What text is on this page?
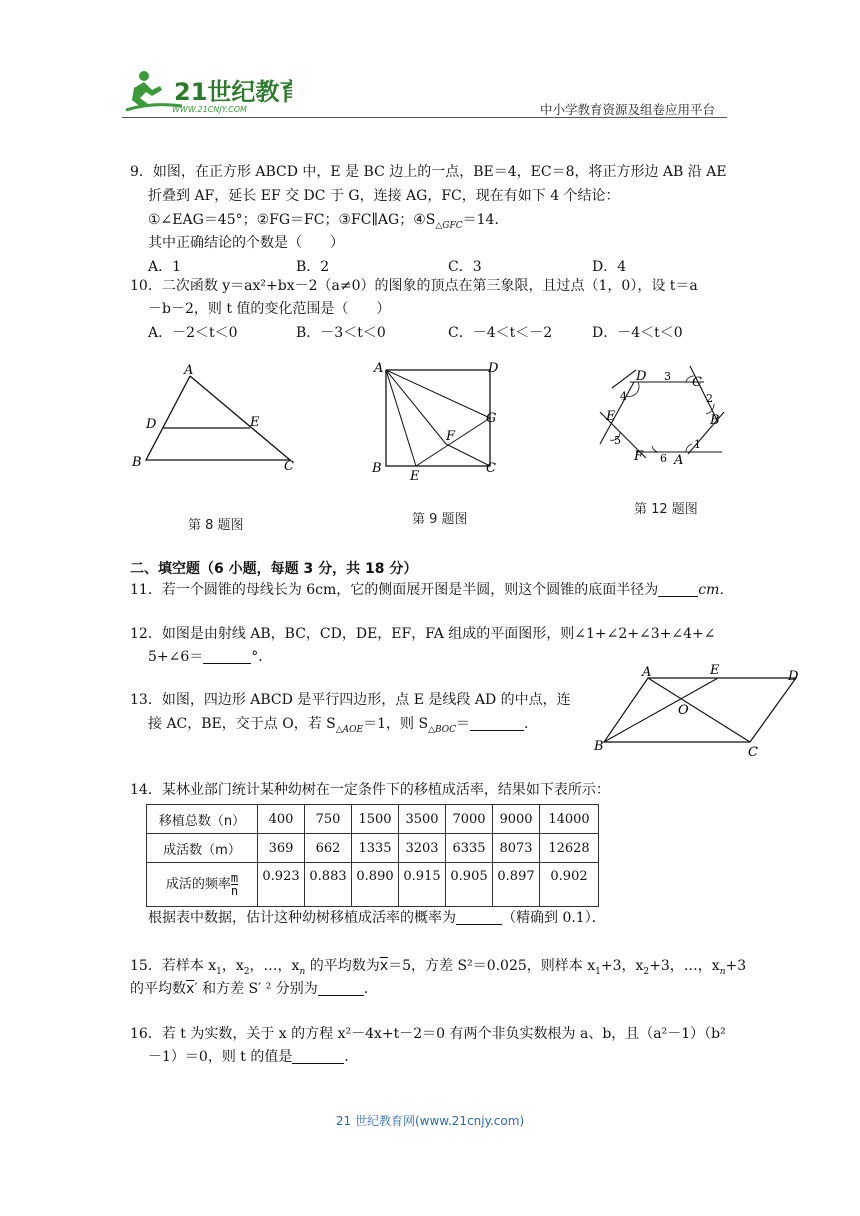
21世纪教育
WWW.21CNJY.COM	中小学教育资源及组卷应用平台
9．如图，在正方形 ABCD 中，E 是 BC 边上的一点，BE＝4，EC＝8，将正方形边 AB 沿 AE
折叠到 AF，延长 EF 交 DC 于 G，连接 AG，FC，现在有如下 4 个结论：
①∠EAG＝45°；②FG＝FC；③FC∥AG；$④S_{\triangle GFC}=14$．
其中正确结论的个数是（　　）
A．1	B．2	C．3	D．4
10．二次函数 y＝ax²+bx－2（a≠0）的图象的顶点在第三象限，且过点（1，0），设 t＝a
－b－2，则 t 值的变化范围是（　　）
A．－2＜t＜0	B．－3＜t＜0	C．－4＜t＜－2	D．－4＜t＜0
A
D	E
B	C
第 8 题图
A	D
G
F
B
E
C
第 9 题图
D 3 C
4	2
E	B
5	1
F 6 A
第 12 题图
二、填空题（6 小题，每题 3 分，共 18 分）
11．若一个圆锥的母线长为 6cm，它的侧面展开图是半圆，则这个圆锥的底面半径为	cm．
12．如图是由射线 AB，BC，CD，DE，EF，FA 组成的平面图形，则∠1+∠2+∠3+∠4+∠
5+∠6＝	°．
A	E	D
O
B	C
13．如图，四边形 ABCD 是平行四边形，点 E 是线段 AD 的中点，连
接 AC，BE，交于点 O，若 $S_{\triangle AOE}=1$，则 $S_{\triangle BOC}=$	．
14．某林业部门统计某种幼树在一定条件下的移植成活率，结果如下表所示：
移植总数（n）	400	750	1500	3500	7000	9000	14000
成活数（m）	369	662	1335	3203	6335	8073	12628
成活的频率 $\frac{m}{n}$	0.923	0.883	0.890	0.915	0.905	0.897	0.902
根据表中数据，估计这种幼树移植成活率的概率为	（精确到 0.1）．
15．若样本 $x_1$，$x_2$，…，$x_n$ 的平均数为$\overline{x}=5$，方差 S²＝0.025，则样本 $x_1+3$，$x_2+3$，…，$x_n+3$
的平均数$\overline{x}'$ 和方差 S′ ² 分别为	．
16．若 t 为实数，关于 x 的方程 x²－4x+t－2＝0 有两个非负实数根为 a、b，且（a²－1）（b²
－1）＝0，则 t 的值是	．
21 世纪教育网(www.21cnjy.com)
